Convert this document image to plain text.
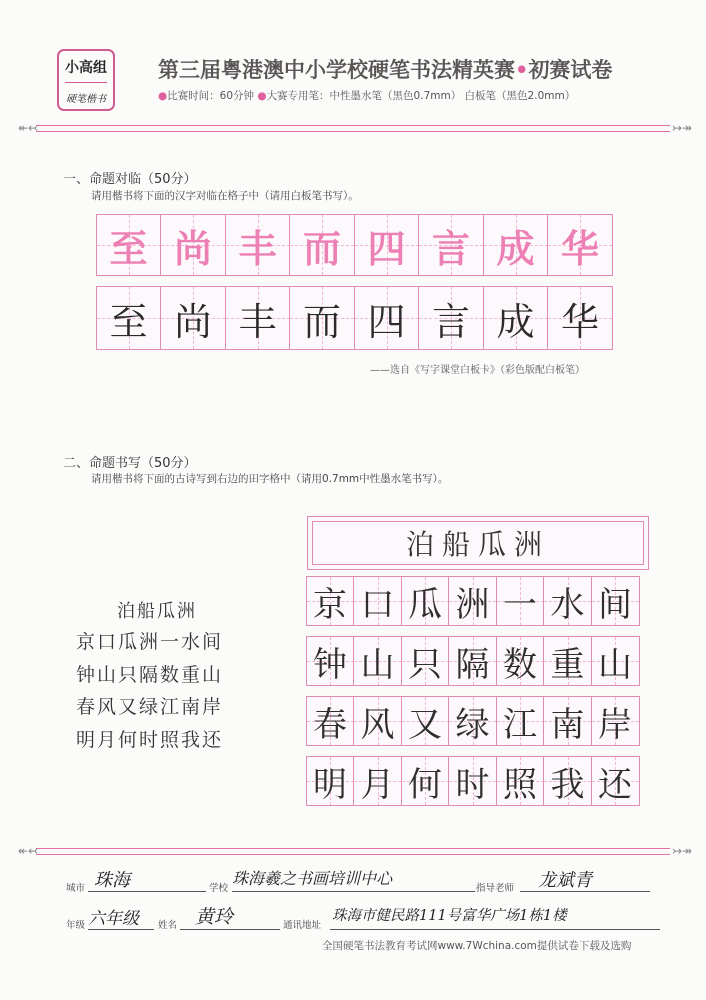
小高组
硬笔楷书
第三届粤港澳中小学校硬笔书法精英赛•初赛试卷
●比赛时间：60分钟 ●大赛专用笔：中性墨水笔（黑色0.7mm） 白板笔（黑色2.0mm）
↞↢	↣↠
一、命题对临（50分）
请用楷书将下面的汉字对临在格子中（请用白板笔书写）。
至 尚 丰 而 四 言 成 华
至 尚 丰 而 四 言 成 华
——选自《写字课堂白板卡》（彩色版配白板笔）
二、命题书写（50分）
请用楷书将下面的古诗写到右边的田字格中（请用0.7mm中性墨水笔书写）。
泊船瓜洲
京口瓜洲一水间
钟山只隔数重山
春风又绿江南岸
明月何时照我还
泊船瓜洲
京 口 瓜 洲 一 水 间
钟 山 只 隔 数 重 山
春 风 又 绿 江 南 岸
明 月 何 时 照 我 还
↞↢	↣↠
城市 珠海	学校
珠海羲之书画培训中心
指导老师 龙斌青
年级 六年级 姓名 黄玲	通讯地址
珠海市健民路111号富华广场1栋1楼
全国硬笔书法教育考试网www.7Wchina.com提供试卷下载及选购
